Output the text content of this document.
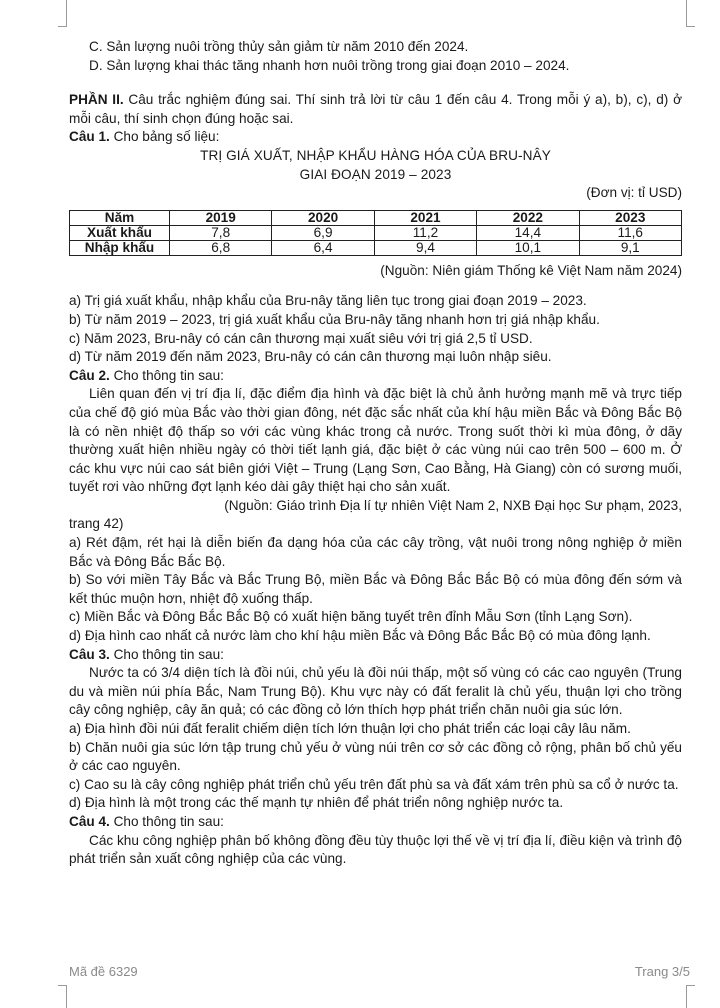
C. Sản lượng nuôi trồng thủy sản giảm từ năm 2010 đến 2024.

D. Sản lượng khai thác tăng nhanh hơn nuôi trồng trong giai đoạn 2010 – 2024.

PHẦN II. Câu trắc nghiệm đúng sai. Thí sinh trả lời từ câu 1 đến câu 4. Trong mỗi ý a), b), c), d) ở mỗi câu, thí sinh chọn đúng hoặc sai.

Câu 1. Cho bảng số liệu:

TRỊ GIÁ XUẤT, NHẬP KHẨU HÀNG HÓA CỦA BRU-NÂY

GIAI ĐOẠN 2019 – 2023

(Đơn vị: tỉ USD)

Năm	2019	2020	2021	2022	2023
Xuất khẩu	7,8	6,9	11,2	14,4	11,6
Nhập khẩu	6,8	6,4	9,4	10,1	9,1

(Nguồn: Niên giám Thống kê Việt Nam năm 2024)

a) Trị giá xuất khẩu, nhập khẩu của Bru-nây tăng liên tục trong giai đoạn 2019 – 2023.

b) Từ năm 2019 – 2023, trị giá xuất khẩu của Bru-nây tăng nhanh hơn trị giá nhập khẩu.

c) Năm 2023, Bru-nây có cán cân thương mại xuất siêu với trị giá 2,5 tỉ USD.

d) Từ năm 2019 đến năm 2023, Bru-nây có cán cân thương mại luôn nhập siêu.

Câu 2. Cho thông tin sau:

Liên quan đến vị trí địa lí, đặc điểm địa hình và đặc biệt là chủ ảnh hưởng mạnh mẽ và trực tiếp của chế độ gió mùa Bắc vào thời gian đông, nét đặc sắc nhất của khí hậu miền Bắc và Đông Bắc Bộ là có nền nhiệt độ thấp so với các vùng khác trong cả nước. Trong suốt thời kì mùa đông, ở dãy thường xuất hiện nhiều ngày có thời tiết lạnh giá, đặc biệt ở các vùng núi cao trên 500 – 600 m. Ở các khu vực núi cao sát biên giới Việt – Trung (Lạng Sơn, Cao Bằng, Hà Giang) còn có sương muối, tuyết rơi vào những đợt lạnh kéo dài gây thiệt hại cho sản xuất.

(Nguồn: Giáo trình Địa lí tự nhiên Việt Nam 2, NXB Đại học Sư phạm, 2023,

trang 42)

a) Rét đậm, rét hại là diễn biến đa dạng hóa của các cây trồng, vật nuôi trong nông nghiệp ở miền Bắc và Đông Bắc Bắc Bộ.

b) So với miền Tây Bắc và Bắc Trung Bộ, miền Bắc và Đông Bắc Bắc Bộ có mùa đông đến sớm và kết thúc muộn hơn, nhiệt độ xuống thấp.

c) Miền Bắc và Đông Bắc Bắc Bộ có xuất hiện băng tuyết trên đỉnh Mẫu Sơn (tỉnh Lạng Sơn).

d) Địa hình cao nhất cả nước làm cho khí hậu miền Bắc và Đông Bắc Bắc Bộ có mùa đông lạnh.

Câu 3. Cho thông tin sau:

Nước ta có 3/4 diện tích là đồi núi, chủ yếu là đồi núi thấp, một số vùng có các cao nguyên (Trung du và miền núi phía Bắc, Nam Trung Bộ). Khu vực này có đất feralit là chủ yếu, thuận lợi cho trồng cây công nghiệp, cây ăn quả; có các đồng cỏ lớn thích hợp phát triển chăn nuôi gia súc lớn.

a) Địa hình đồi núi đất feralit chiếm diện tích lớn thuận lợi cho phát triển các loại cây lâu năm.

b) Chăn nuôi gia súc lớn tập trung chủ yếu ở vùng núi trên cơ sở các đồng cỏ rộng, phân bố chủ yếu ở các cao nguyên.

c) Cao su là cây công nghiệp phát triển chủ yếu trên đất phù sa và đất xám trên phù sa cổ ở nước ta.

d) Địa hình là một trong các thế mạnh tự nhiên để phát triển nông nghiệp nước ta.

Câu 4. Cho thông tin sau:

Các khu công nghiệp phân bố không đồng đều tùy thuộc lợi thế về vị trí địa lí, điều kiện và trình độ phát triển sản xuất công nghiệp của các vùng.

Mã đề 6329	Trang 3/5
